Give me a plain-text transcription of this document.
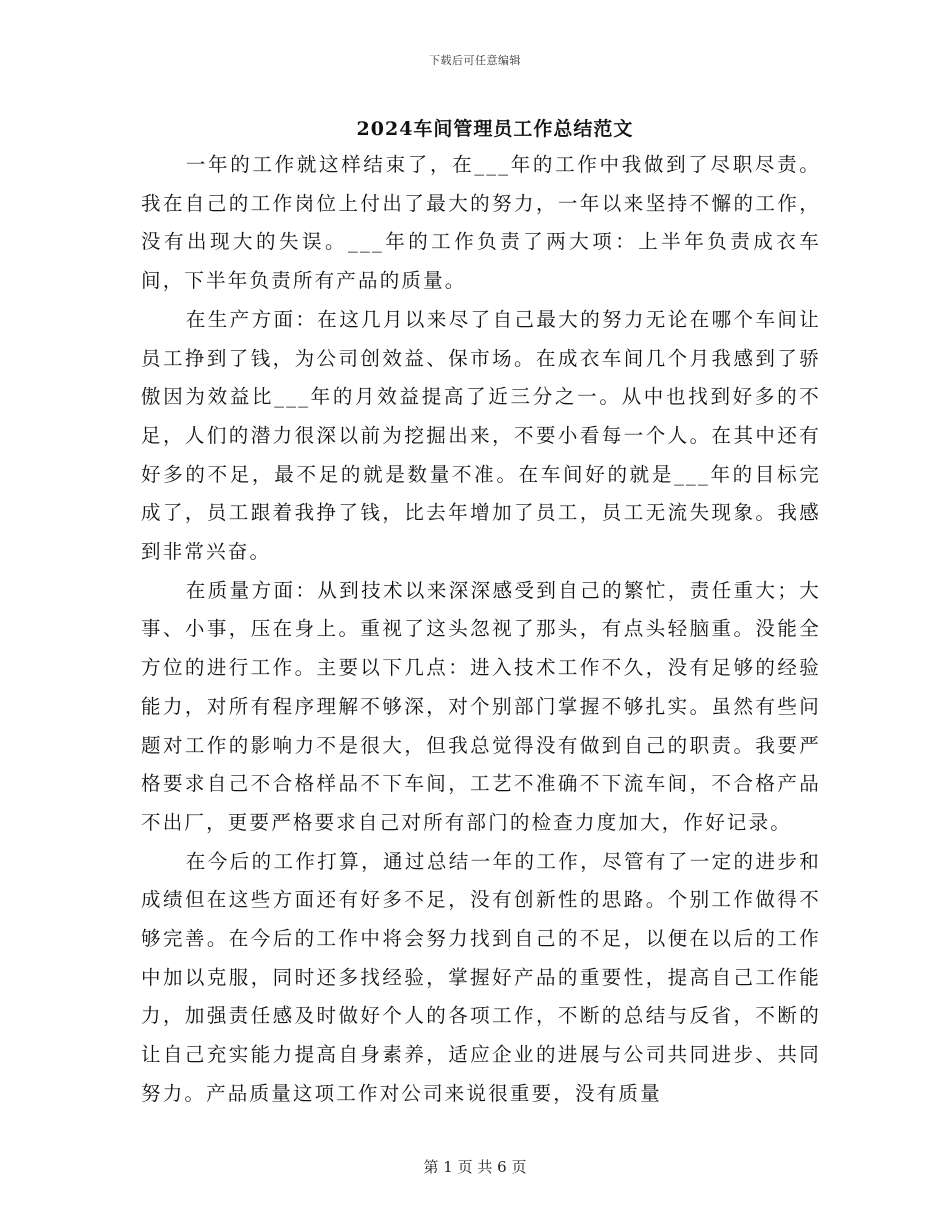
下载后可任意编辑
2024车间管理员工作总结范文

一年的工作就这样结束了，在___年的工作中我做到了尽职尽责。我在自己的工作岗位上付出了最大的努力，一年以来坚持不懈的工作，没有出现大的失误。___年的工作负责了两大项：上半年负责成衣车间，下半年负责所有产品的质量。

在生产方面：在这几月以来尽了自己最大的努力无论在哪个车间让员工挣到了钱，为公司创效益、保市场。在成衣车间几个月我感到了骄傲因为效益比___年的月效益提高了近三分之一。从中也找到好多的不足，人们的潜力很深以前为挖掘出来，不要小看每一个人。在其中还有好多的不足，最不足的就是数量不准。在车间好的就是___年的目标完成了，员工跟着我挣了钱，比去年增加了员工，员工无流失现象。我感到非常兴奋。

在质量方面：从到技术以来深深感受到自己的繁忙，责任重大；大事、小事，压在身上。重视了这头忽视了那头，有点头轻脑重。没能全方位的进行工作。主要以下几点：进入技术工作不久，没有足够的经验能力，对所有程序理解不够深，对个别部门掌握不够扎实。虽然有些问题对工作的影响力不是很大，但我总觉得没有做到自己的职责。我要严格要求自己不合格样品不下车间，工艺不准确不下流车间，不合格产品不出厂，更要严格要求自己对所有部门的检查力度加大，作好记录。

在今后的工作打算，通过总结一年的工作，尽管有了一定的进步和成绩但在这些方面还有好多不足，没有创新性的思路。个别工作做得不够完善。在今后的工作中将会努力找到自己的不足，以便在以后的工作中加以克服，同时还多找经验，掌握好产品的重要性，提高自己工作能力，加强责任感及时做好个人的各项工作，不断的总结与反省，不断的让自己充实能力提高自身素养，适应企业的进展与公司共同进步、共同努力。产品质量这项工作对公司来说很重要，没有质量

第 1 页 共 6 页
